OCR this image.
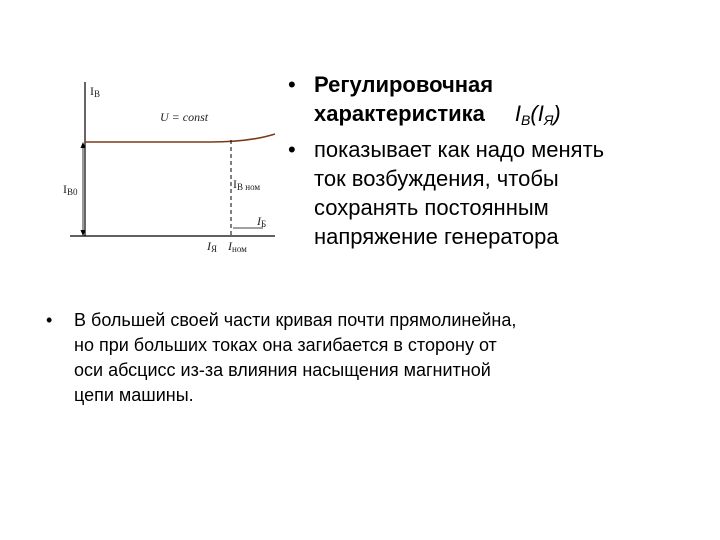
$I_B$
U = const
$I_{B0}$
$I_{B ном}$
$I_Б$
$I_Я$ $I_{ном}$
• Регулировочная
характеристика $I_В(I_Я)$
• показывает как надо менять
ток возбуждения, чтобы
сохранять постоянным
напряжение генератора
• В большей своей части кривая почти прямолинейна,
но при больших токах она загибается в сторону от
оси абсцисс из-за влияния насыщения магнитной
цепи машины.
